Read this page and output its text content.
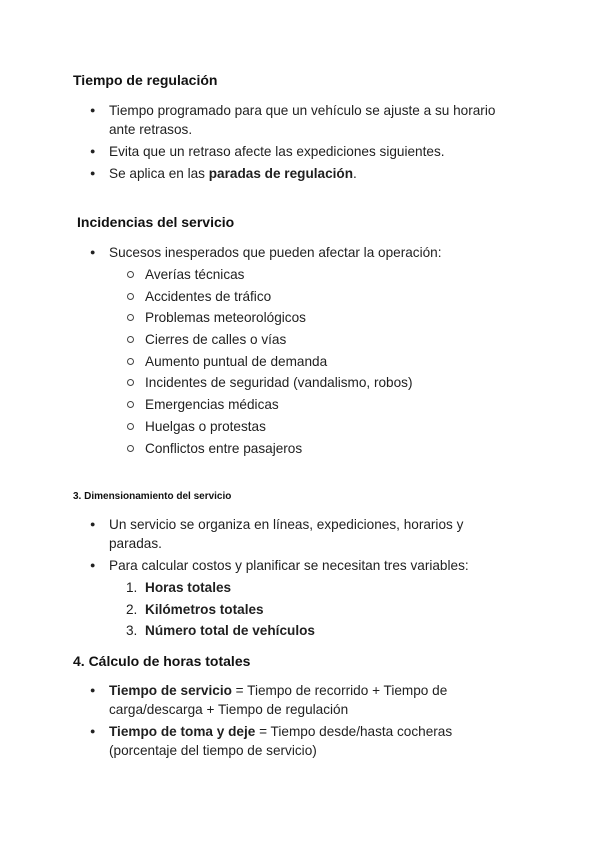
Tiempo de regulación
● Tiempo programado para que un vehículo se ajuste a su horario ante retrasos.
● Evita que un retraso afecte las expediciones siguientes.
● Se aplica en las paradas de regulación.
Incidencias del servicio
● Sucesos inesperados que pueden afectar la operación:
Averías técnicas
Accidentes de tráfico
Problemas meteorológicos
Cierres de calles o vías
Aumento puntual de demanda
Incidentes de seguridad (vandalismo, robos)
Emergencias médicas
Huelgas o protestas
Conflictos entre pasajeros
3. Dimensionamiento del servicio
● Un servicio se organiza en líneas, expediciones, horarios y paradas.
● Para calcular costos y planificar se necesitan tres variables:
1. Horas totales
2. Kilómetros totales
3. Número total de vehículos
4. Cálculo de horas totales
● Tiempo de servicio = Tiempo de recorrido + Tiempo de carga/descarga + Tiempo de regulación
● Tiempo de toma y deje = Tiempo desde/hasta cocheras (porcentaje del tiempo de servicio)
